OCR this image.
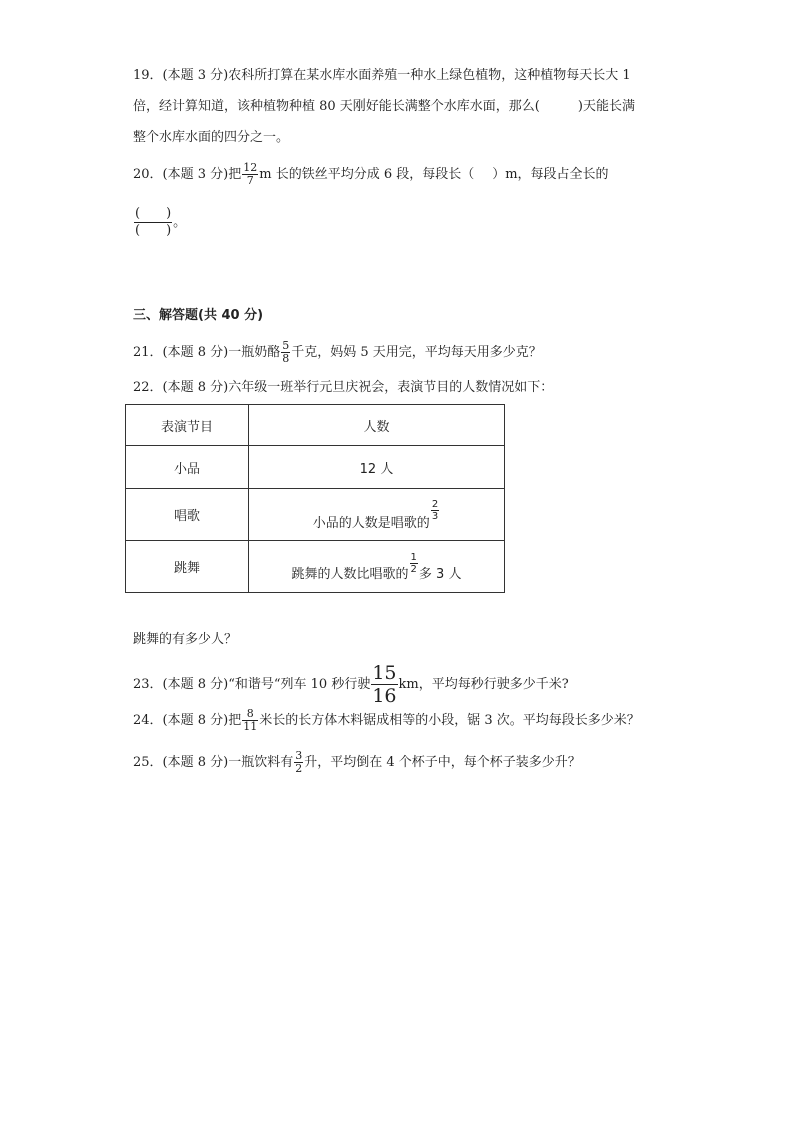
19．(本题 3 分)农科所打算在某水库水面养殖一种水上绿色植物，这种植物每天长大 1
倍，经计算知道，该种植物种植 80 天刚好能长满整个水库水面，那么(	)天能长满
整个水库水面的四分之一。
20．(本题 3 分)把 $\frac{12}{7}$ m 长的铁丝平均分成 6 段，每段长（ ）m，每段占全长的
$\frac{( )}{( )}$ 。
三、解答题(共 40 分)
21．(本题 8 分)一瓶奶酪 $\frac{5}{8}$ 千克，妈妈 5 天用完，平均每天用多少克？
22．(本题 8 分)六年级一班举行元旦庆祝会，表演节目的人数情况如下：
表演节目	人数
小品	12 人
唱歌	小品的人数是唱歌的
$\frac{2}{3}$

跳舞	跳舞的人数比唱歌的 $\frac{1}{2}$ 多 3 人
跳舞的有多少人？
23．(本题 8 分)“和谐号“列车 10 秒行驶 $\frac{15}{16}$ km，平均每秒行驶多少千米?
24．(本题 8 分)把 $\frac{8}{11}$ 米长的长方体木料锯成相等的小段，锯 3 次。平均每段长多少米？
25．(本题 8 分)一瓶饮料有 $\frac{3}{2}$ 升，平均倒在 4 个杯子中，每个杯子装多少升？
